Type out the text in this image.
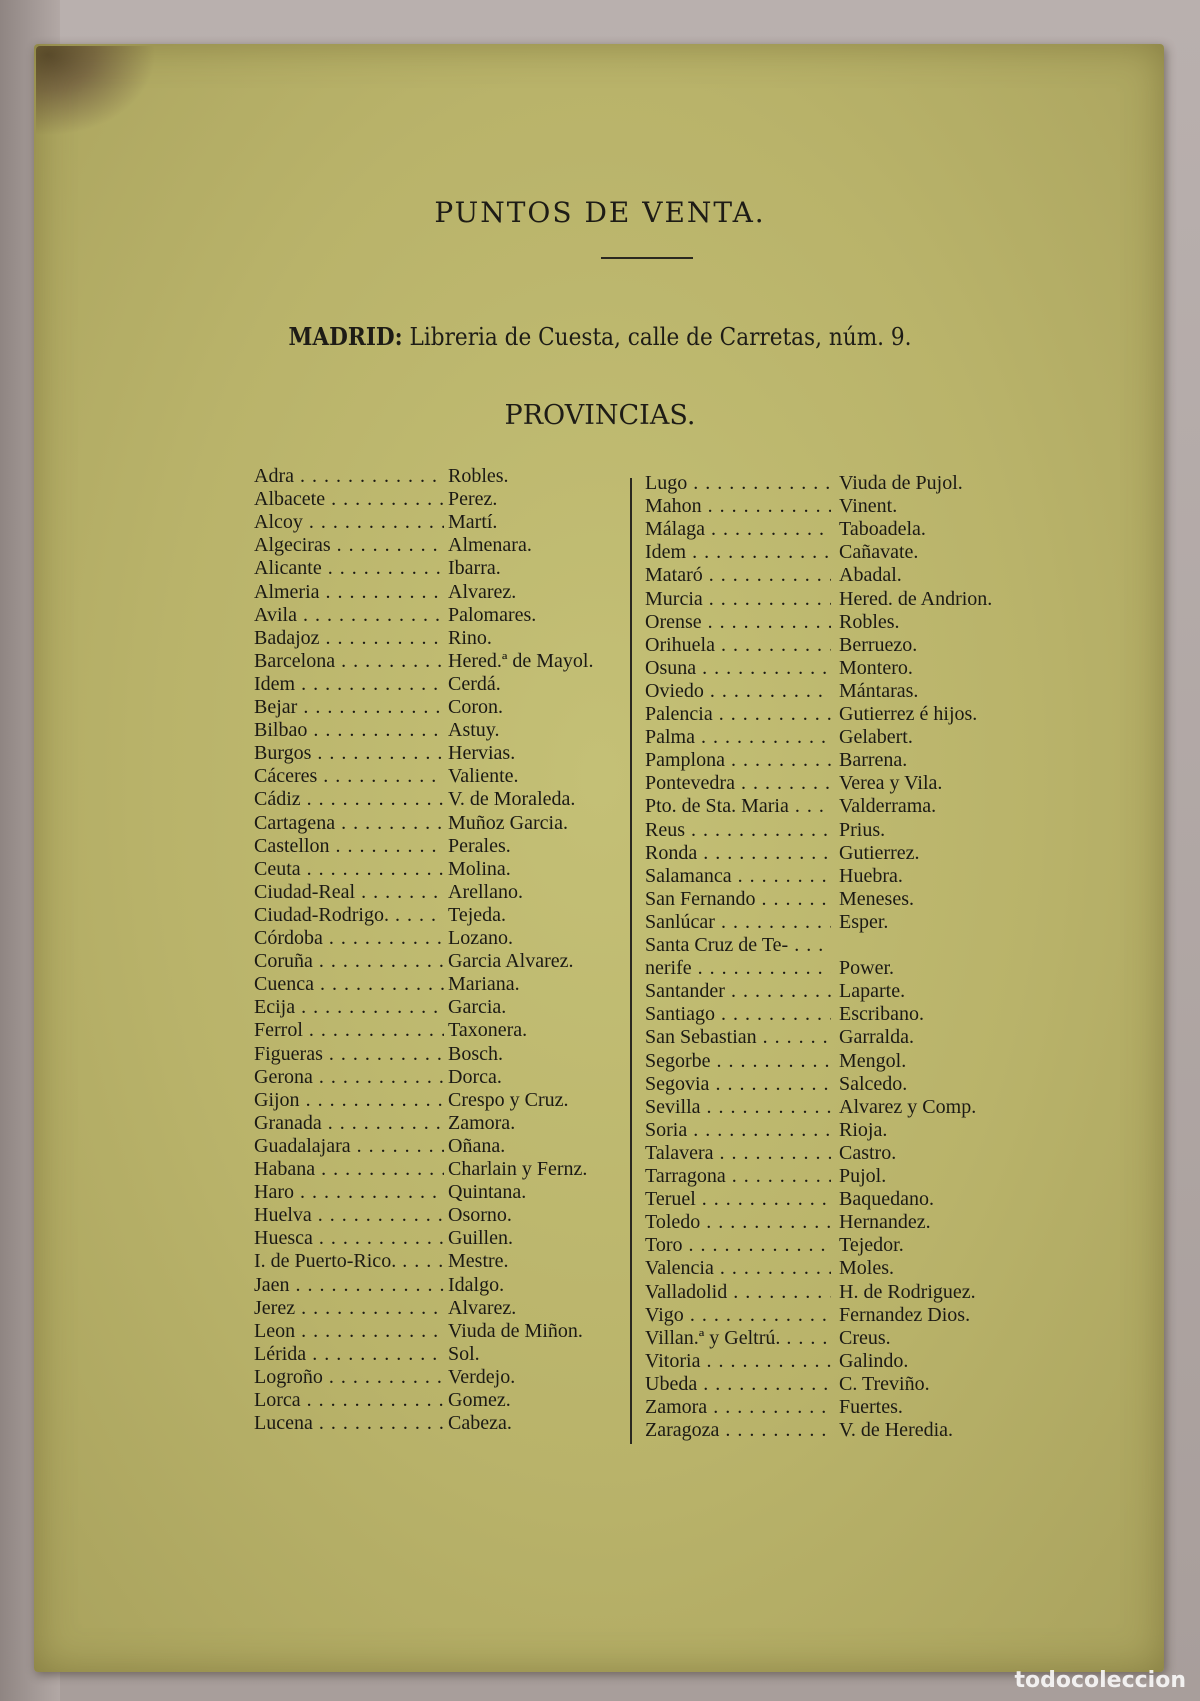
PUNTOS DE VENTA.
MADRID: Libreria de Cuesta, calle de Carretas, núm. 9.
PROVINCIAS.
Adra . . .	Robles.
Albacete . . .	Perez.
Alcoy . . .	Martí.
Algeciras . . .	Almenara.
Alicante . . .	Ibarra.
Almeria . . .	Alvarez.
Avila . . .	Palomares.
Badajoz . . .	Rino.
Barcelona . . .	Hered.ª de Mayol.
Idem . . .	Cerdá.
Bejar . . .	Coron.
Bilbao . . .	Astuy.
Burgos . . .	Hervias.
Cáceres . . .	Valiente.
Cádiz . . .	V. de Moraleda.
Cartagena . . .	Muñoz Garcia.
Castellon . . .	Perales.
Ceuta . . .	Molina.
Ciudad-Real . . .	Arellano.
Ciudad-Rodrigo. . . .	Tejeda.
Córdoba . . .	Lozano.
Coruña . . .	Garcia Alvarez.
Cuenca . . .	Mariana.
Ecija . . .	Garcia.
Ferrol . . .	Taxonera.
Figueras . . .	Bosch.
Gerona . . .	Dorca.
Gijon . . .	Crespo y Cruz.
Granada . . .	Zamora.
Guadalajara . . .	Oñana.
Habana . . .	Charlain y Fernz.
Haro . . .	Quintana.
Huelva . . .	Osorno.
Huesca . . .	Guillen.
I. de Puerto-Rico. . . .	Mestre.
Jaen . . .	Idalgo.
Jerez . . .	Alvarez.
Leon . . .	Viuda de Miñon.
Lérida . . .	Sol.
Logroño . . .	Verdejo.
Lorca . . .	Gomez.
Lucena . . .	Cabeza.
Lugo . . .	Viuda de Pujol.
Mahon . . .	Vinent.
Málaga . . .	Taboadela.
Idem . . .	Cañavate.
Mataró . . .	Abadal.
Murcia . . .	Hered. de Andrion.
Orense . . .	Robles.
Orihuela . . .	Berruezo.
Osuna . . .	Montero.
Oviedo . . .	Mántaras.
Palencia . . .	Gutierrez é hijos.
Palma . . .	Gelabert.
Pamplona . . .	Barrena.
Pontevedra . . .	Verea y Vila.
Pto. de Sta. Maria . . .	Valderrama.
Reus . . .	Prius.
Ronda . . .	Gutierrez.
Salamanca . . .	Huebra.
San Fernando . . .	Meneses.
Sanlúcar . . .	Esper.
Santa Cruz de Te- . . .
nerife . . .	Power.
Santander . . .	Laparte.
Santiago . . .	Escribano.
San Sebastian . . .	Garralda.
Segorbe . . .	Mengol.
Segovia . . .	Salcedo.
Sevilla . . .	Alvarez y Comp.
Soria . . .	Rioja.
Talavera . . .	Castro.
Tarragona . . .	Pujol.
Teruel . . .	Baquedano.
Toledo . . .	Hernandez.
Toro . . .	Tejedor.
Valencia . . .	Moles.
Valladolid . . .	H. de Rodriguez.
Vigo . . .	Fernandez Dios.
Villan.ª y Geltrú. . . .	Creus.
Vitoria . . .	Galindo.
Ubeda . . .	C. Treviño.
Zamora . . .	Fuertes.
Zaragoza . . .	V. de Heredia.
todocoleccion
